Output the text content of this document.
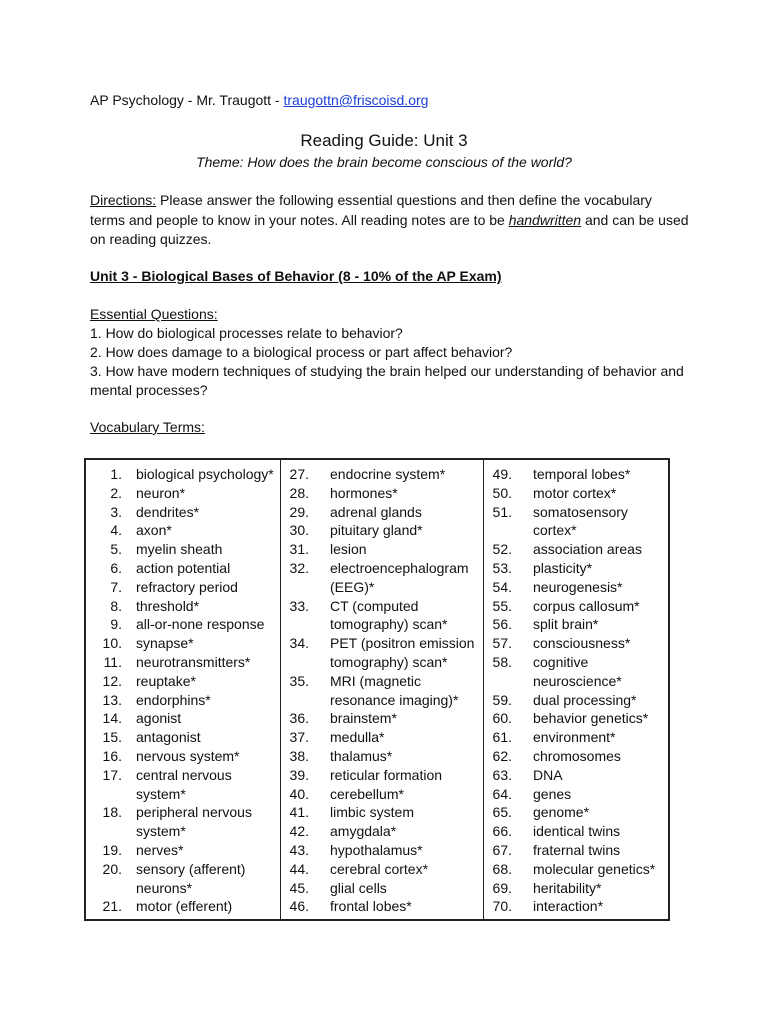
AP Psychology - Mr. Traugott - traugottn@friscoisd.org
Reading Guide: Unit 3
Theme: How does the brain become conscious of the world?
Directions: Please answer the following essential questions and then define the vocabulary terms and people to know in your notes. All reading notes are to be handwritten and can be used on reading quizzes.
Unit 3 - Biological Bases of Behavior (8 - 10% of the AP Exam)
Essential Questions:
1. How do biological processes relate to behavior?
2. How does damage to a biological process or part affect behavior?
3. How have modern techniques of studying the brain helped our understanding of behavior and mental processes?
Vocabulary Terms:
1.	biological psychology*
2.	neuron*
3.	dendrites*
4.	axon*
5.	myelin sheath
6.	action potential
7.	refractory period
8.	threshold*
9.	all-or-none response
10.	synapse*
11.	neurotransmitters*
12.	reuptake*
13.	endorphins*
14.	agonist
15.	antagonist
16.	nervous system*
17.	central nervous
system*
18.	peripheral nervous
system*
19.	nerves*
20.	sensory (afferent)
neurons*
21.	motor (efferent)
27.	endocrine system*
28.	hormones*
29.	adrenal glands
30.	pituitary gland*
31.	lesion
32.	electroencephalogram
(EEG)*
33.	CT (computed
tomography) scan*
34.	PET (positron emission
tomography) scan*
35.	MRI (magnetic
resonance imaging)*
36.	brainstem*
37.	medulla*
38.	thalamus*
39.	reticular formation
40.	cerebellum*
41.	limbic system
42.	amygdala*
43.	hypothalamus*
44.	cerebral cortex*
45.	glial cells
46.	frontal lobes*
49.	temporal lobes*
50.	motor cortex*
51.	somatosensory
cortex*
52.	association areas
53.	plasticity*
54.	neurogenesis*
55.	corpus callosum*
56.	split brain*
57.	consciousness*
58.	cognitive
neuroscience*
59.	dual processing*
60.	behavior genetics*
61.	environment*
62.	chromosomes
63.	DNA
64.	genes
65.	genome*
66.	identical twins
67.	fraternal twins
68.	molecular genetics*
69.	heritability*
70.	interaction*
